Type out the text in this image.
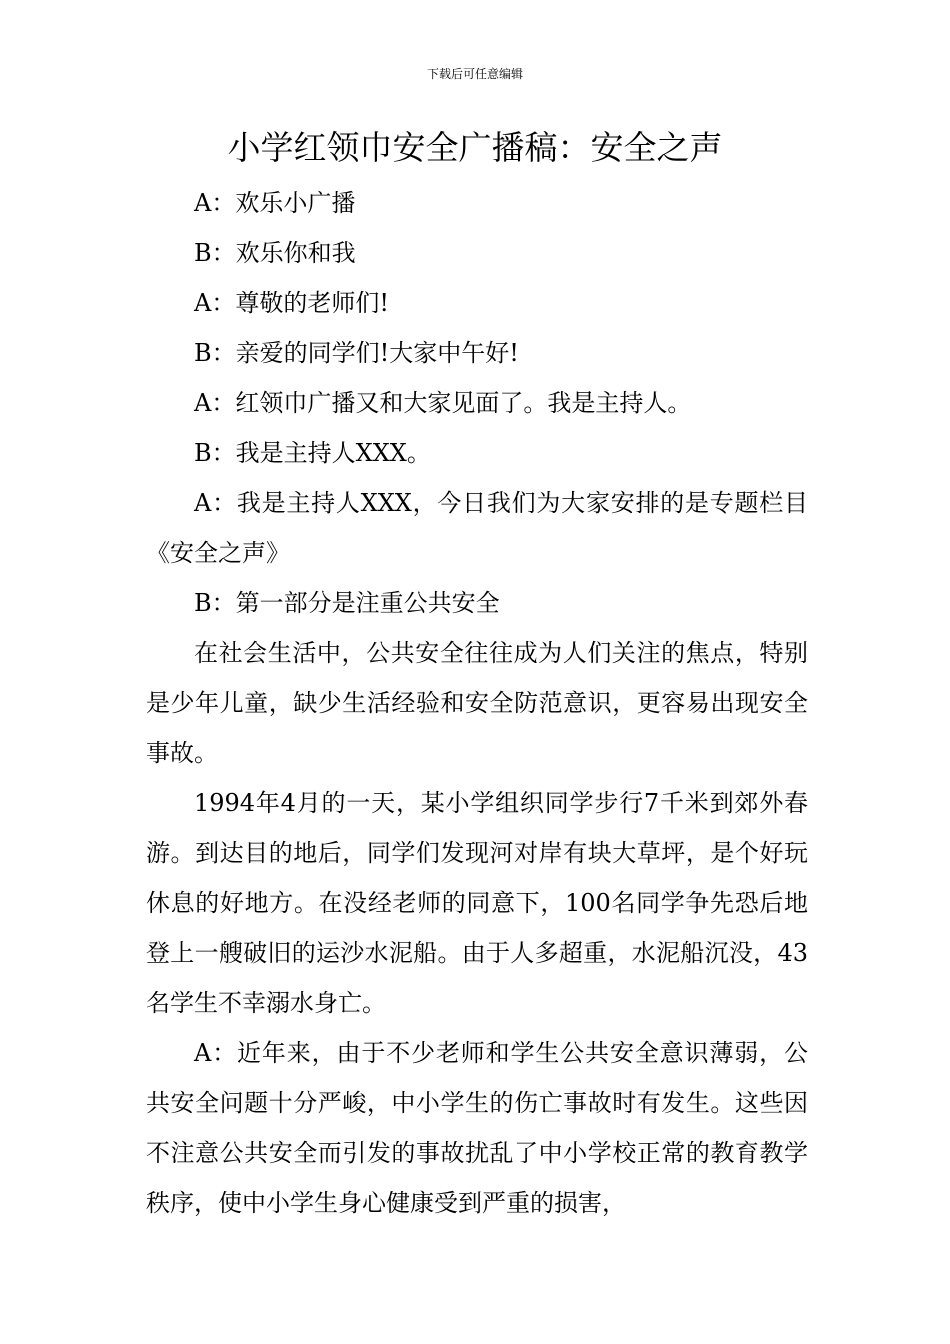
下载后可任意编辑
小学红领巾安全广播稿：安全之声

A：欢乐小广播

B：欢乐你和我

A：尊敬的老师们!

B：亲爱的同学们!大家中午好!

A：红领巾广播又和大家见面了。我是主持人。

B：我是主持人XXX。

A：我是主持人XXX，今日我们为大家安排的是专题栏目《安全之声》

B：第一部分是注重公共安全

在社会生活中，公共安全往往成为人们关注的焦点，特别是少年儿童，缺少生活经验和安全防范意识，更容易出现安全事故。

1994年4月的一天，某小学组织同学步行7千米到郊外春游。到达目的地后，同学们发现河对岸有块大草坪，是个好玩休息的好地方。在没经老师的同意下，100名同学争先恐后地登上一艘破旧的运沙水泥船。由于人多超重，水泥船沉没，43名学生不幸溺水身亡。

A：近年来，由于不少老师和学生公共安全意识薄弱，公共安全问题十分严峻，中小学生的伤亡事故时有发生。这些因不注意公共安全而引发的事故扰乱了中小学校正常的教育教学秩序，使中小学生身心健康受到严重的损害，
